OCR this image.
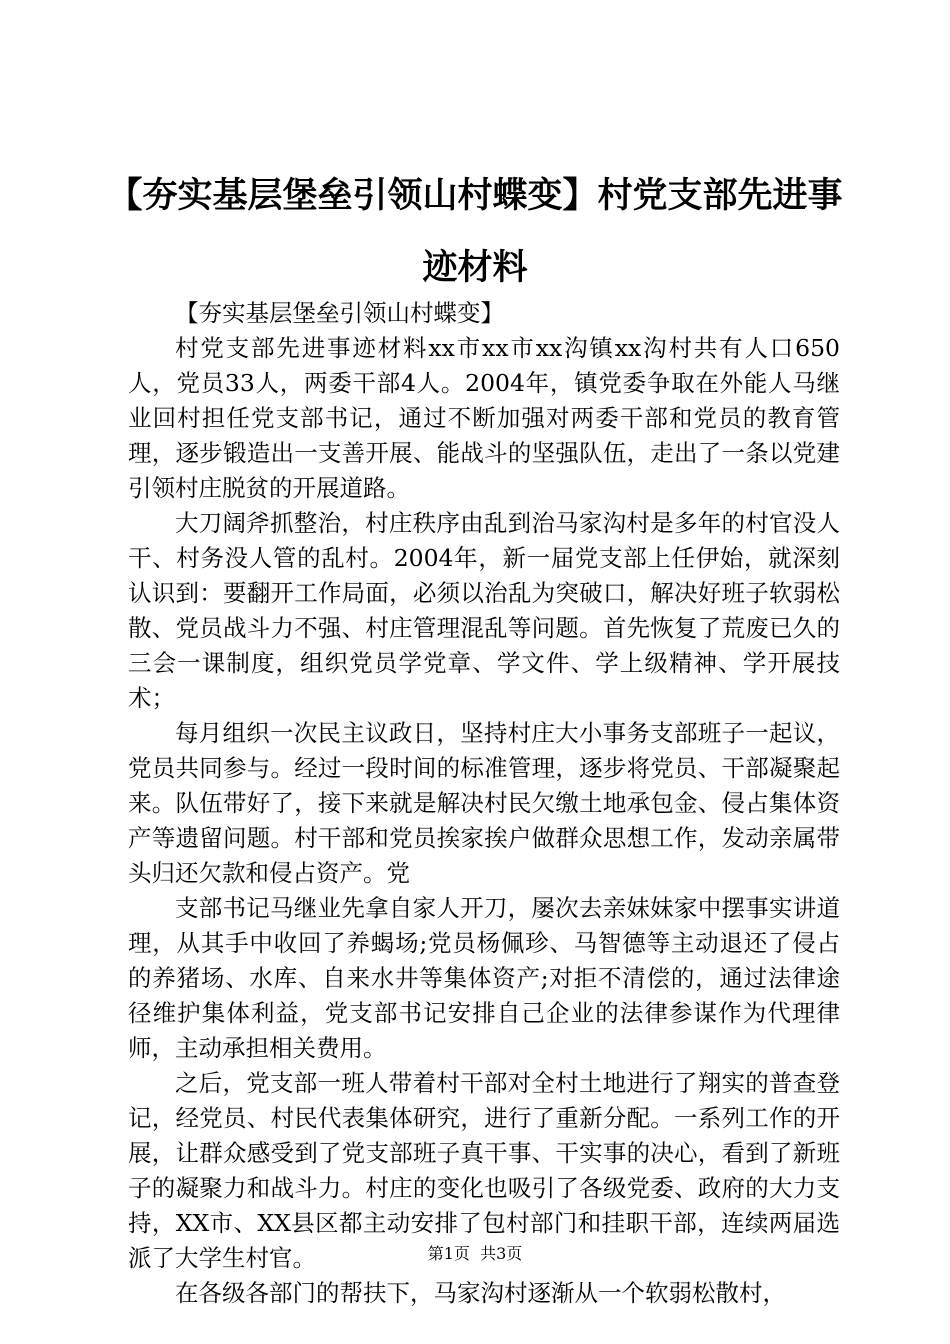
【夯实基层堡垒引领山村蝶变】村党支部先进事迹材料

【夯实基层堡垒引领山村蝶变】

村党支部先进事迹材料xx市xx市xx沟镇xx沟村共有人口650人，党员33人，两委干部4人。2004年，镇党委争取在外能人马继业回村担任党支部书记，通过不断加强对两委干部和党员的教育管理，逐步锻造出一支善开展、能战斗的坚强队伍，走出了一条以党建引领村庄脱贫的开展道路。

大刀阔斧抓整治，村庄秩序由乱到治马家沟村是多年的村官没人干、村务没人管的乱村。2004年，新一届党支部上任伊始，就深刻认识到：要翻开工作局面，必须以治乱为突破口，解决好班子软弱松散、党员战斗力不强、村庄管理混乱等问题。首先恢复了荒废已久的三会一课制度，组织党员学党章、学文件、学上级精神、学开展技术；

每月组织一次民主议政日，坚持村庄大小事务支部班子一起议，党员共同参与。经过一段时间的标准管理，逐步将党员、干部凝聚起来。队伍带好了，接下来就是解决村民欠缴土地承包金、侵占集体资产等遗留问题。村干部和党员挨家挨户做群众思想工作，发动亲属带头归还欠款和侵占资产。党

支部书记马继业先拿自家人开刀，屡次去亲妹妹家中摆事实讲道理，从其手中收回了养蝎场;党员杨佩珍、马智德等主动退还了侵占的养猪场、水库、自来水井等集体资产;对拒不清偿的，通过法律途径维护集体利益，党支部书记安排自己企业的法律参谋作为代理律师，主动承担相关费用。

之后，党支部一班人带着村干部对全村土地进行了翔实的普查登记，经党员、村民代表集体研究，进行了重新分配。一系列工作的开展，让群众感受到了党支部班子真干事、干实事的决心，看到了新班子的凝聚力和战斗力。村庄的变化也吸引了各级党委、政府的大力支持，XX市、XX县区都主动安排了包村部门和挂职干部，连续两届选派了大学生村官。

在各级各部门的帮扶下，马家沟村逐渐从一个软弱松散村，

第1页 共3页
